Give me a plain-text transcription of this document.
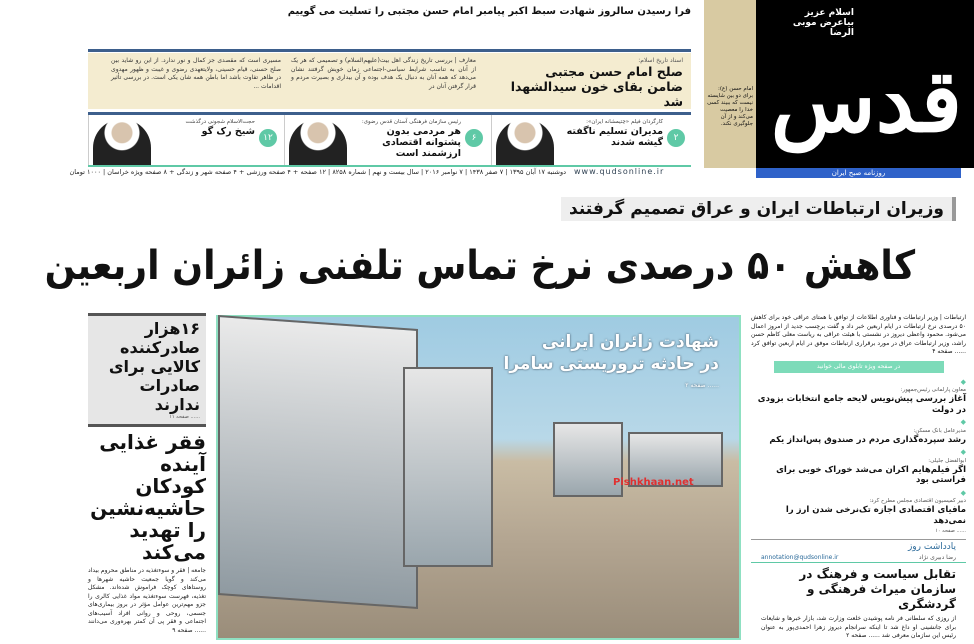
فرا رسیدن سالروز شهادت سبط اکبر پیامبر امام حسن مجتبی را تسلیت می گوییم
اسناد تاریخ اسلام:
صلح امام حسن مجتبی
ضامن بقای خون سیدالشهدا شد
معارف | بررسی تاریخ زندگی اهل بیت(علیهم‌السلام) و تصمیمی که هر یک از آنان به تناسب شرایط سیاسی-اجتماعی زمان خویش گرفتند نشان می‌دهد که همه آنان به دنبال یک هدف بوده و آن بیداری و بصیرت مردم و قرار گرفتن آنان در
مسیری است که مقصدی جز کمال و نور ندارد. از این رو شاید بین صلح حسنی، قیام حسینی، ولایتعهدی رضوی و غیبت و ظهور مهدوی در ظاهر تفاوت باشد اما باطن همه شان یکی است. در بررسی تأثیر اقدامات ...
۲
کارگردان فیلم «چتیمشانه ایران»:
مدیران تسلیم ناگفته گیشه شدند
۶
رئیس سازمان فرهنگی آستان قدس رضوی:
هر مردمی بدون پشتوانه اقتصادی ارزشمند است
۱۲
حجت‌الاسلام شجونی درگذشت
شیخ رک گو
دوشنبه ۱۷ آبان ۱۳۹۵ | ۷ صفر ۱۴۳۸ | ۷ نوامبر ۲۰۱۶ | سال بیست و نهم | شماره ۸۲۵۸ | ۱۲ صفحه + ۴ صفحه ورزشی + ۴ صفحه شهر و زندگی + ۸ صفحه ویژه خراسان | ۱۰۰۰ تومان www.qudsonline.ir
امام حسن (ع): برای دو بین شایسته نیست که ببیند کسی خدا را معصیت می‌کند و از آن جلوگیری نکند.
اسلام عزیز بیاعرض موبی الرضا
قدس
روزنامه صبح ایران
وزیران ارتباطات ایران و عراق تصمیم گرفتند
کاهش ۵۰ درصدی نرخ تماس تلفنی زائران اربعین
۱۶هزار صادرکننده کالایی برای صادرات ندارند
...... صفحه ۱۱
فقر غذایی آینده کودکان حاشیه‌نشین را تهدید می‌کند
جامعه | فقر و سوءتغذیه در مناطق محروم بیداد می‌کند و گویا جمعیت حاشیه شهرها و روستاهای کوچک فراموش شده‌اند. مشکل تغذیه، فهرست سوءتغذیه مواد غذایی کالری را جزو مهم‌ترین عوامل مؤثر در بروز بیماری‌های جسمی، روحی و روانی افراد آسیب‌های اجتماعی و فقر پی آن کمتر بهره‌وری می‌دانند ...... صفحه ۹
شهادت زائران ایرانی
در حادثه تروریستی سامرا
...... صفحه ۲
Pishkhaan.net
ارتباطات | وزیر ارتباطات و فناوری اطلاعات از توافق با همتای عراقی خود برای کاهش ۵۰ درصدی نرخ ارتباطات در ایام اربعین خبر داد و گفت برچسب جدید از امروز اعمال می‌شود. محمود واعظی دیروز در نشستی با هیئت عراقی به ریاست معلی کاظم حسن راشد، وزیر ارتباطات عراق در مورد برقراری ارتباطات موفق در ایام اربعین توافق کرد ...... صفحه ۴
در صفحه ویژه تابلوی مالی خوانید
◆ معاون پارلمانی رئیس‌جمهور:
آغاز بررسی پیش‌نویس لایحه جامع انتخابات بزودی در دولت
◆ مدیرعامل بانک مسکن:
رشد سپرده‌گذاری مردم در صندوق پس‌انداز یکم
◆ ابوالفضل جلیلی:
اگر فیلم‌هایم اکران می‌شد خوراک خوبی برای فراستی بود
◆ دبیر کمیسیون اقتصادی مجلس مطرح کرد:
مافیای اقتصادی اجازه تک‌نرخی شدن ارز را نمی‌دهد
...... صفحه ۱۰
یادداشت روز
رضا دبیری نژاد
annotation@qudsonline.ir
تقابل سیاست و فرهنگ در سازمان میراث فرهنگی و گردشگری
از روزی که سلطانی فر نامه پوشیدن خلعت وزارت شد، بازار خبرها و شایعات برای جانشینی او داغ شد تا اینکه سرانجام دیروز زهرا احمدی‌پور به عنوان رئیس این سازمان معرفی شد ...... صفحه ۲
